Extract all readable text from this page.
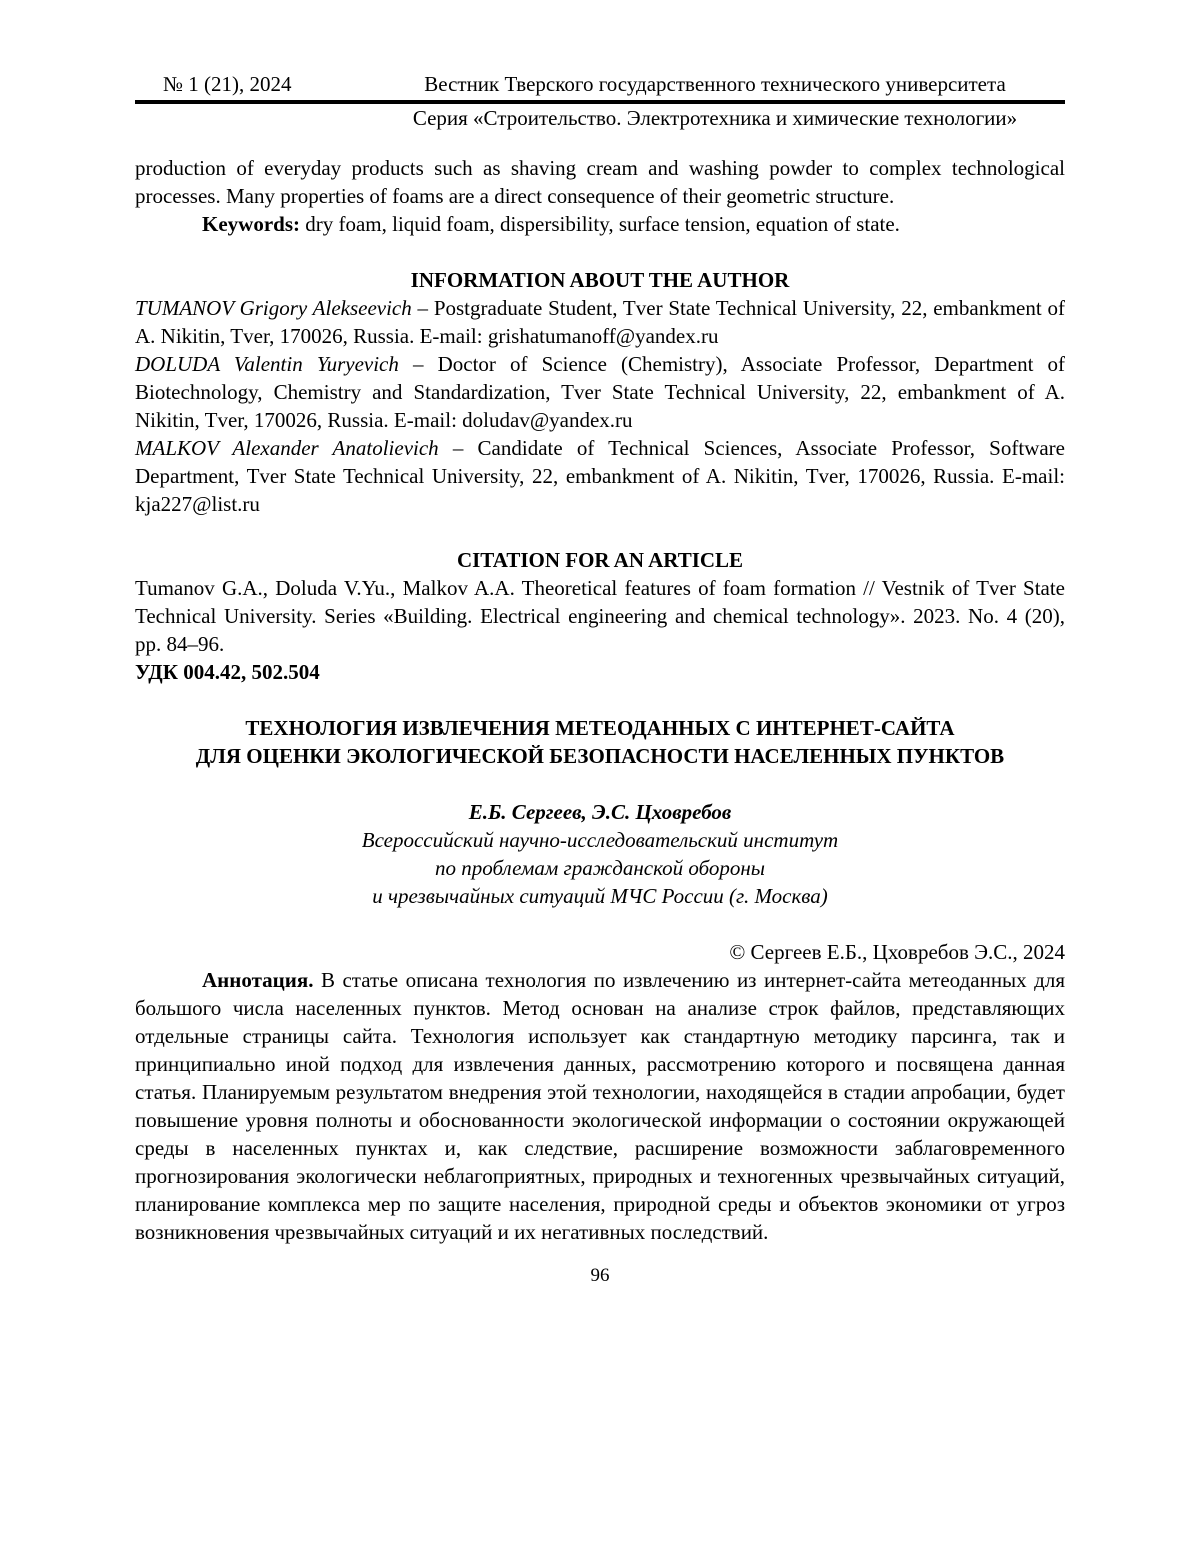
№ 1 (21), 2024	Вестник Тверского государственного технического университета
Серия «Строительство. Электротехника и химические технологии»

production of everyday products such as shaving cream and washing powder to complex technological processes. Many properties of foams are a direct consequence of their geometric structure.

Keywords: dry foam, liquid foam, dispersibility, surface tension, equation of state.

INFORMATION ABOUT THE AUTHOR

TUMANOV Grigory Alekseevich – Postgraduate Student, Tver State Technical University, 22, embankment of A. Nikitin, Tver, 170026, Russia. E-mail: grishatumanoff@yandex.ru

DOLUDA Valentin Yuryevich – Doctor of Science (Chemistry), Associate Professor, Department of Biotechnology, Chemistry and Standardization, Tver State Technical University, 22, embankment of A. Nikitin, Tver, 170026, Russia. E-mail: doludav@yandex.ru

MALKOV Alexander Anatolievich – Candidate of Technical Sciences, Associate Professor, Software Department, Tver State Technical University, 22, embankment of A. Nikitin, Tver, 170026, Russia. E-mail: kja227@list.ru

CITATION FOR AN ARTICLE

Tumanov G.A., Doluda V.Yu., Malkov A.A. Theoretical features of foam formation // Vestnik of Tver State Technical University. Series «Building. Electrical engineering and chemical technology». 2023. No. 4 (20), pp. 84–96.

УДК 004.42, 502.504

ТЕХНОЛОГИЯ ИЗВЛЕЧЕНИЯ МЕТЕОДАННЫХ С ИНТЕРНЕТ-САЙТА
ДЛЯ ОЦЕНКИ ЭКОЛОГИЧЕСКОЙ БЕЗОПАСНОСТИ НАСЕЛЕННЫХ ПУНКТОВ
Е.Б. Сергеев, Э.С. Цховребов
Всероссийский научно-исследовательский институт
по проблемам гражданской обороны
и чрезвычайных ситуаций МЧС России (г. Москва)
© Сергеев Е.Б., Цховребов Э.С., 2024

Аннотация. В статье описана технология по извлечению из интернет-сайта метеоданных для большого числа населенных пунктов. Метод основан на анализе строк файлов, представляющих отдельные страницы сайта. Технология использует как стандартную методику парсинга, так и принципиально иной подход для извлечения данных, рассмотрению которого и посвящена данная статья. Планируемым результатом внедрения этой технологии, находящейся в стадии апробации, будет повышение уровня полноты и обоснованности экологической информации о состоянии окружающей среды в населенных пунктах и, как следствие, расширение возможности заблаговременного прогнозирования экологически неблагоприятных, природных и техногенных чрезвычайных ситуаций, планирование комплекса мер по защите населения, природной среды и объектов экономики от угроз возникновения чрезвычайных ситуаций и их негативных последствий.

96
